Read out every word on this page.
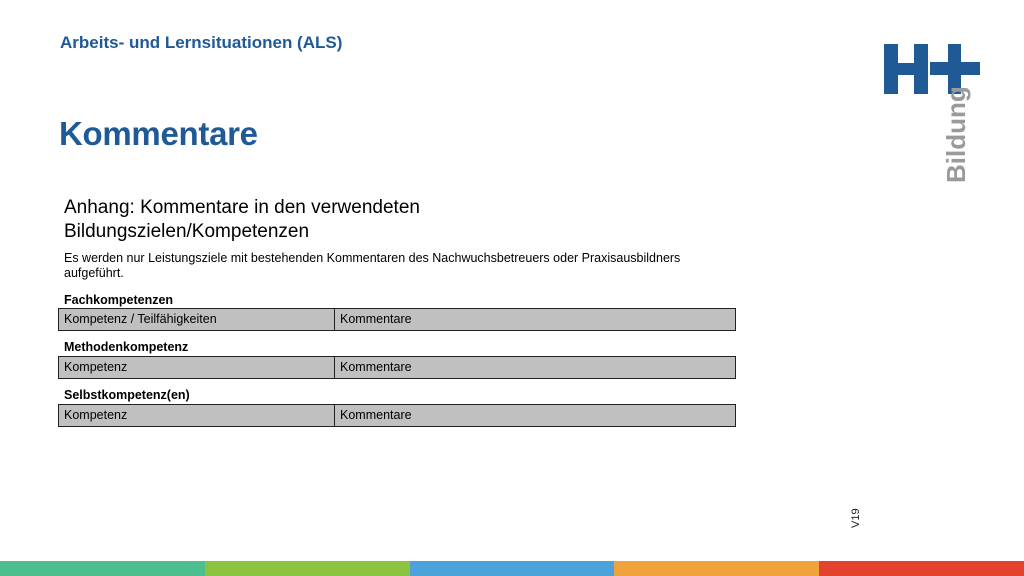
Arbeits- und Lernsituationen (ALS)
Kommentare	Bildung
Anhang: Kommentare in den verwendeten
Bildungszielen/Kompetenzen

Es werden nur Leistungsziele mit bestehenden Kommentaren des Nachwuchsbetreuers oder Praxisausbildners aufgeführt.

Fachkompetenzen
Kompetenz / Teilfähigkeiten	Kommentare
Methodenkompetenz
Kompetenz	Kommentare
Selbstkompetenz(en)
Kompetenz	Kommentare
V19
